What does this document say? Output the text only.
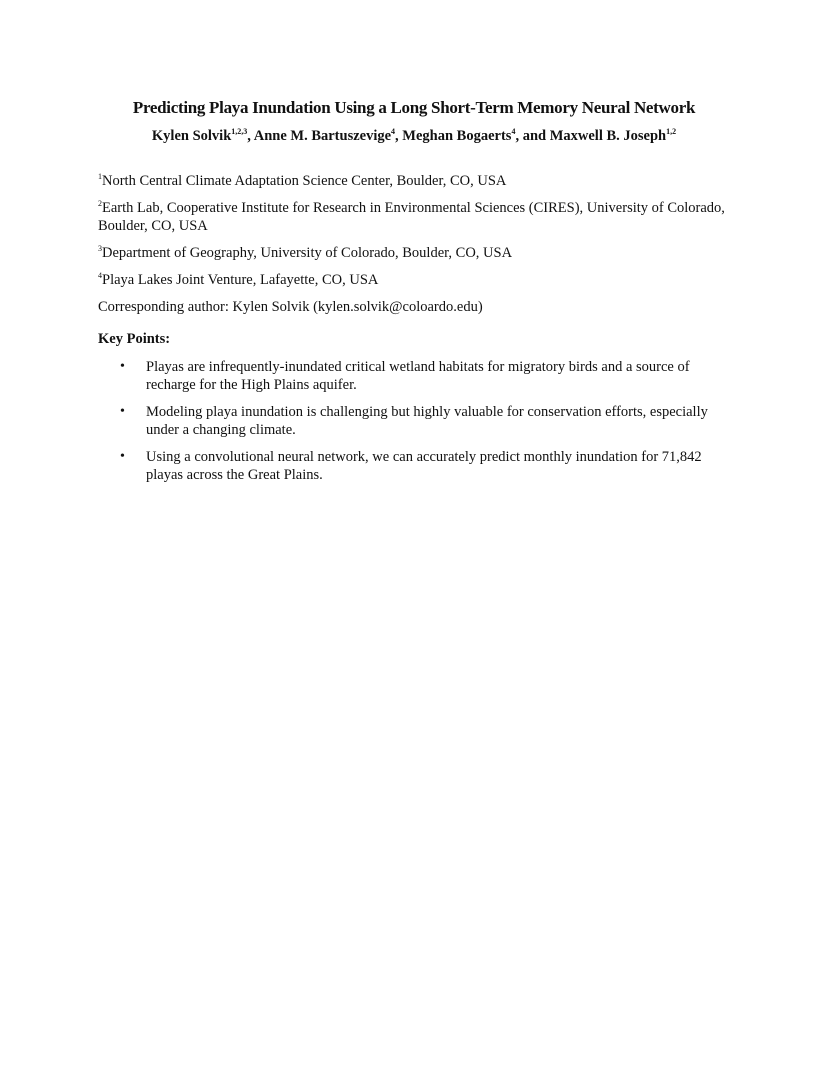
Predicting Playa Inundation Using a Long Short-Term Memory Neural Network
Kylen Solvik$^{1,2,3}$, Anne M. Bartuszevige$^4$, Meghan Bogaerts$^4$, and Maxwell B. Joseph$^{1,2}$
$^1$North Central Climate Adaptation Science Center, Boulder, CO, USA
$^2$Earth Lab, Cooperative Institute for Research in Environmental Sciences (CIRES), University of Colorado, Boulder, CO, USA
$^3$Department of Geography, University of Colorado, Boulder, CO, USA
$^4$Playa Lakes Joint Venture, Lafayette, CO, USA
Corresponding author: Kylen Solvik (kylen.solvik@coloardo.edu)
Key Points:
• Playas are infrequently-inundated critical wetland habitats for migratory birds and a source of recharge for the High Plains aquifer.
• Modeling playa inundation is challenging but highly valuable for conservation efforts, especially under a changing climate.
• Using a convolutional neural network, we can accurately predict monthly inundation for 71,842 playas across the Great Plains.
